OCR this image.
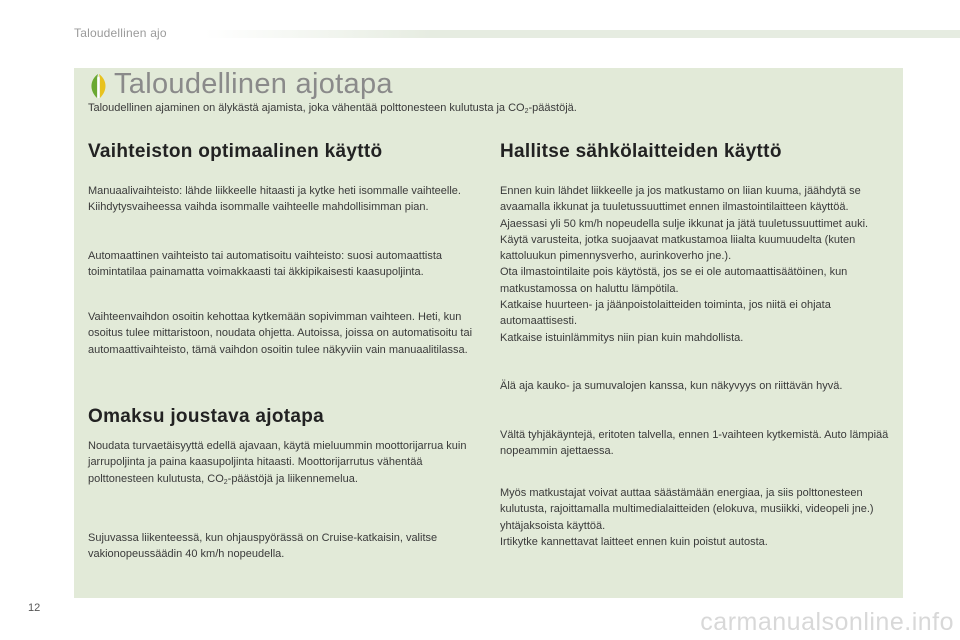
Taloudellinen ajo
Taloudellinen ajotapa

Taloudellinen ajaminen on älykästä ajamista, joka vähentää polttonesteen kulutusta ja $CO_2$-päästöjä.

Vaihteiston optimaalinen käyttö

Manuaalivaihteisto: lähde liikkeelle hitaasti ja kytke heti isommalle vaihteelle. Kiihdytysvaiheessa vaihda isommalle vaihteelle mahdollisimman pian.

Automaattinen vaihteisto tai automatisoitu vaihteisto: suosi automaattista toimintatilaa painamatta voimakkaasti tai äkkipikaisesti kaasupoljinta.

Vaihteenvaihdon osoitin kehottaa kytkemään sopivimman vaihteen. Heti, kun osoitus tulee mittaristoon, noudata ohjetta. Autoissa, joissa on automatisoitu tai automaattivaihteisto, tämä vaihdon osoitin tulee näkyviin vain manuaalitilassa.

Omaksu joustava ajotapa

Noudata turvaetäisyyttä edellä ajavaan, käytä mieluummin moottorijarrua kuin jarrupoljinta ja paina kaasupoljinta hitaasti. Moottorijarrutus vähentää polttonesteen kulutusta, $CO_2$-päästöjä ja liikennemelua.

Sujuvassa liikenteessä, kun ohjauspyörässä on Cruise-katkaisin, valitse vakionopeussäädin 40 km/h nopeudella.

Hallitse sähkölaitteiden käyttö

Ennen kuin lähdet liikkeelle ja jos matkustamo on liian kuuma, jäähdytä se avaamalla ikkunat ja tuuletussuuttimet ennen ilmastointilaitteen käyttöä.
Ajaessasi yli 50 km/h nopeudella sulje ikkunat ja jätä tuuletussuuttimet auki.
Käytä varusteita, jotka suojaavat matkustamoa liialta kuumuudelta (kuten kattoluukun pimennysverho, aurinkoverho jne.).
Ota ilmastointilaite pois käytöstä, jos se ei ole automaattisäätöinen, kun matkustamossa on haluttu lämpötila.
Katkaise huurteen- ja jäänpoistolaitteiden toiminta, jos niitä ei ohjata automaattisesti.
Katkaise istuinlämmitys niin pian kuin mahdollista.

Älä aja kauko- ja sumuvalojen kanssa, kun näkyvyys on riittävän hyvä.

Vältä tyhjäkäyntejä, eritoten talvella, ennen 1-vaihteen kytkemistä. Auto lämpiää nopeammin ajettaessa.

Myös matkustajat voivat auttaa säästämään energiaa, ja siis polttonesteen kulutusta, rajoittamalla multimedialaitteiden (elokuva, musiikki, videopeli jne.) yhtäjaksoista käyttöä.
Irtikytke kannettavat laitteet ennen kuin poistut autosta.

12	carmanualsonline.info
